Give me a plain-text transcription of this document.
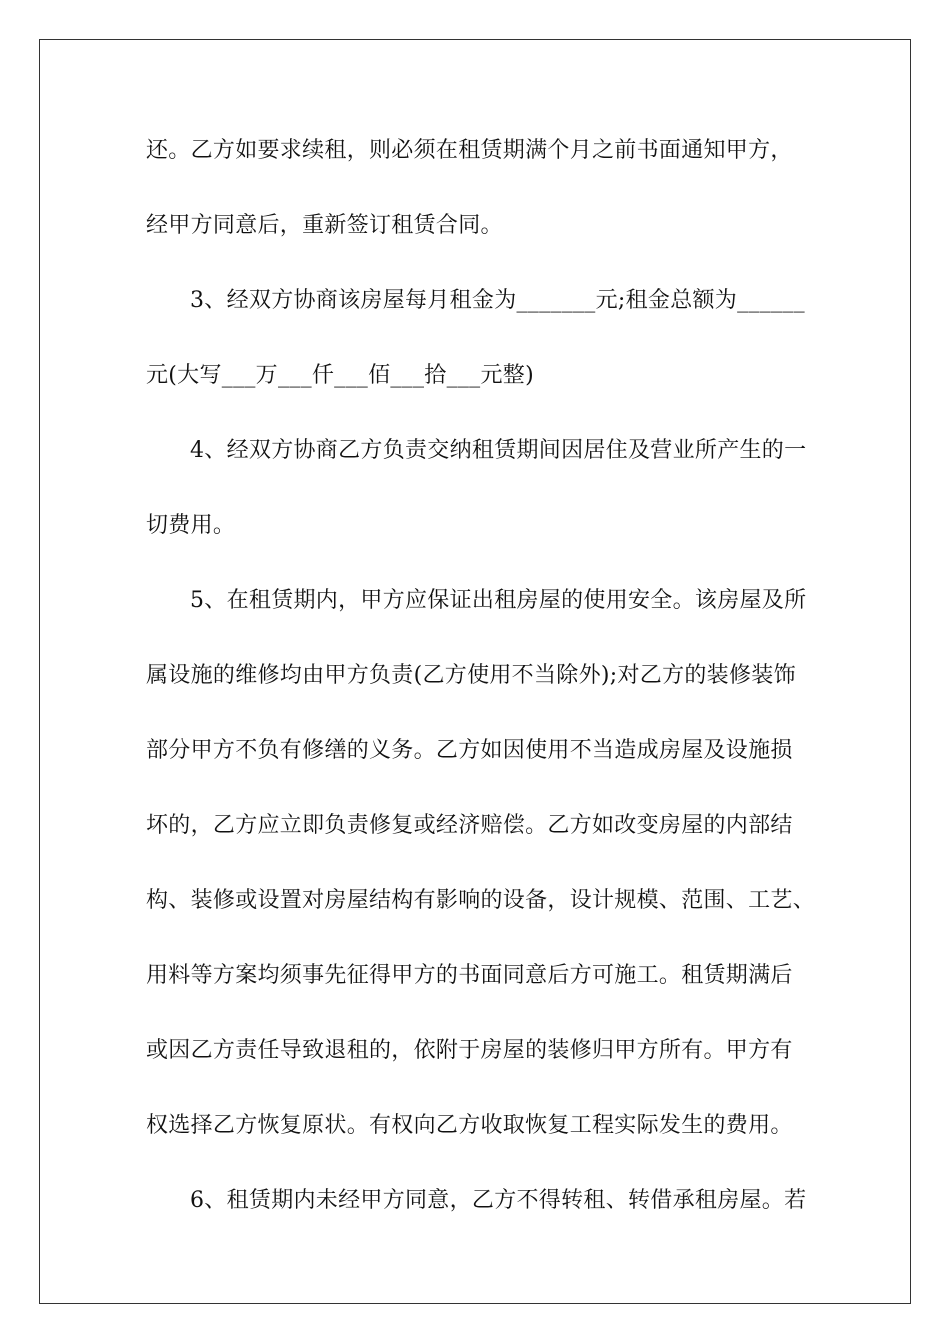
还。乙方如要求续租，则必须在租赁期满个月之前书面通知甲方，
经甲方同意后，重新签订租赁合同。
3、经双方协商该房屋每月租金为_______元;租金总额为______
元(大写___万___仟___佰___拾___元整)
4、经双方协商乙方负责交纳租赁期间因居住及营业所产生的一
切费用。
5、在租赁期内，甲方应保证出租房屋的使用安全。该房屋及所
属设施的维修均由甲方负责(乙方使用不当除外);对乙方的装修装饰
部分甲方不负有修缮的义务。乙方如因使用不当造成房屋及设施损
坏的，乙方应立即负责修复或经济赔偿。乙方如改变房屋的内部结
构、装修或设置对房屋结构有影响的设备，设计规模、范围、工艺、
用料等方案均须事先征得甲方的书面同意后方可施工。租赁期满后
或因乙方责任导致退租的，依附于房屋的装修归甲方所有。甲方有
权选择乙方恢复原状。有权向乙方收取恢复工程实际发生的费用。
6、租赁期内未经甲方同意，乙方不得转租、转借承租房屋。若
